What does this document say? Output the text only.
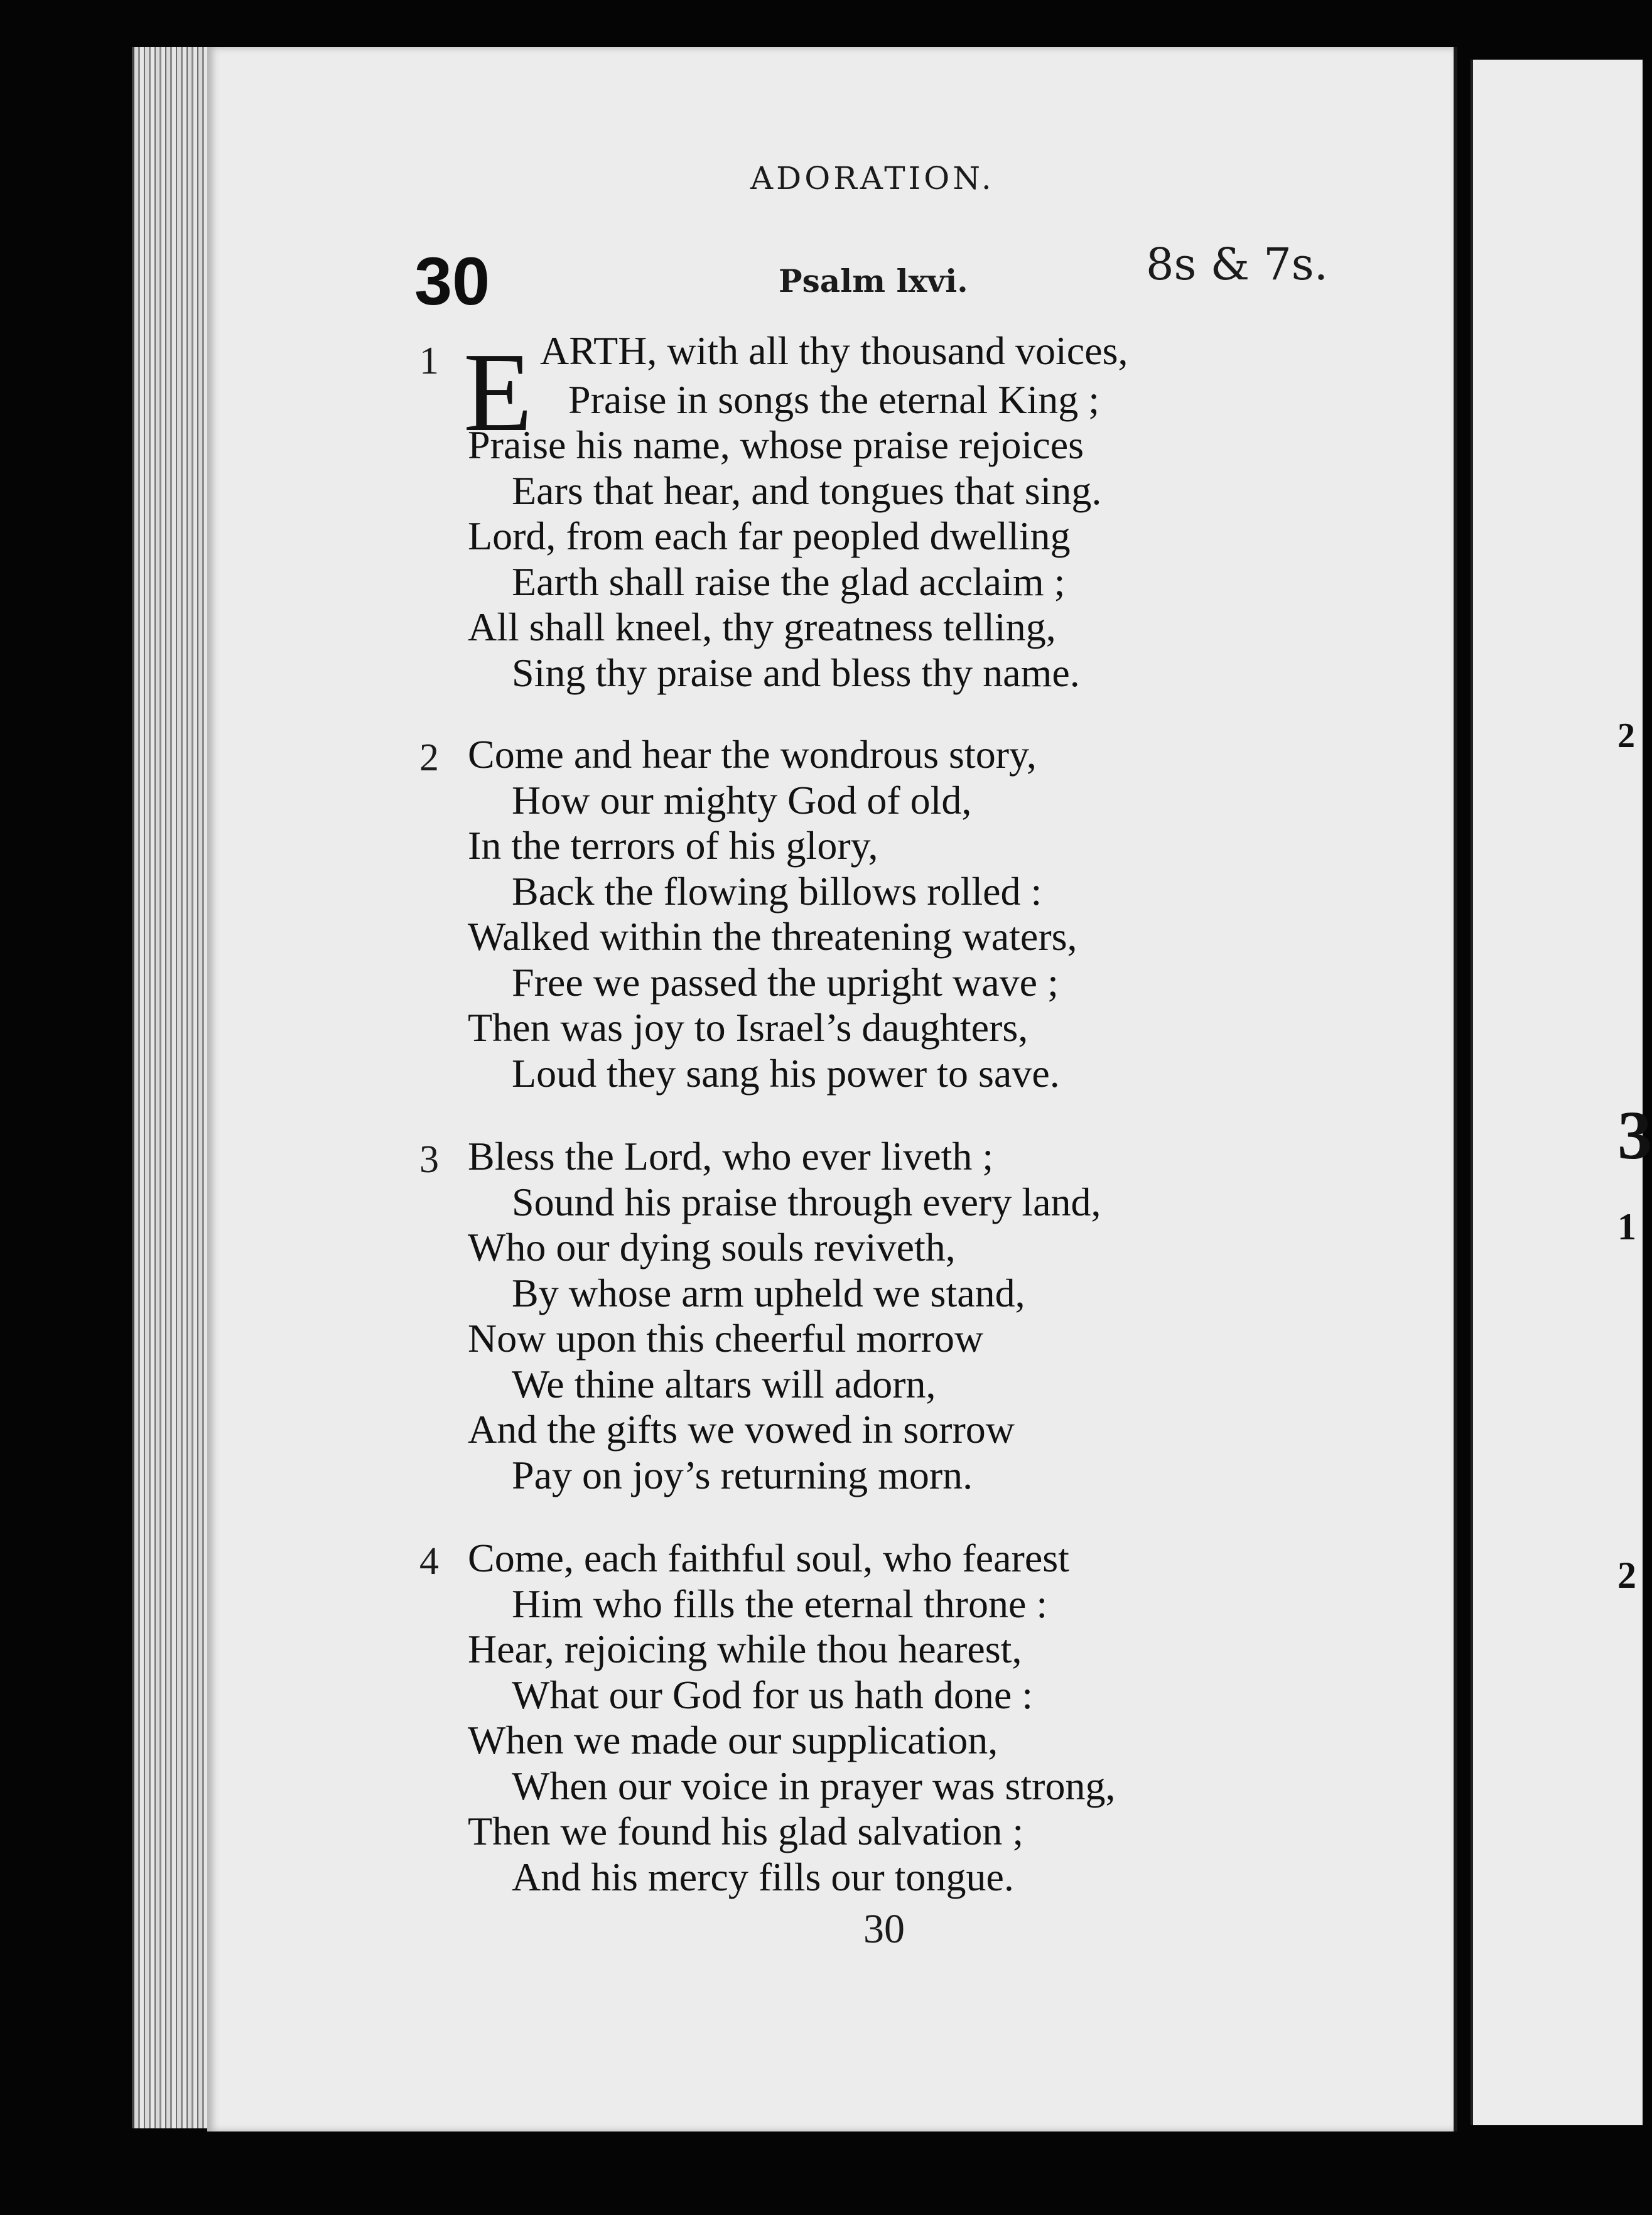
2
3
1
2
ADORATION.
30	Psalm lxvi.	8s & 7s.
1 E ARTH, with all thy thousand voices,
Praise in songs the eternal King ;
Praise his name, whose praise rejoices
Ears that hear, and tongues that sing.
Lord, from each far peopled dwelling
Earth shall raise the glad acclaim ;
All shall kneel, thy greatness telling,
Sing thy praise and bless thy name.
2 Come and hear the wondrous story,
How our mighty God of old,
In the terrors of his glory,
Back the flowing billows rolled :
Walked within the threatening waters,
Free we passed the upright wave ;
Then was joy to Israel’s daughters,
Loud they sang his power to save.
3 Bless the Lord, who ever liveth ;
Sound his praise through every land,
Who our dying souls reviveth,
By whose arm upheld we stand,
Now upon this cheerful morrow
We thine altars will adorn,
And the gifts we vowed in sorrow
Pay on joy’s returning morn.
4 Come, each faithful soul, who fearest
Him who fills the eternal throne :
Hear, rejoicing while thou hearest,
What our God for us hath done :
When we made our supplication,
When our voice in prayer was strong,
Then we found his glad salvation ;
And his mercy fills our tongue.
30
